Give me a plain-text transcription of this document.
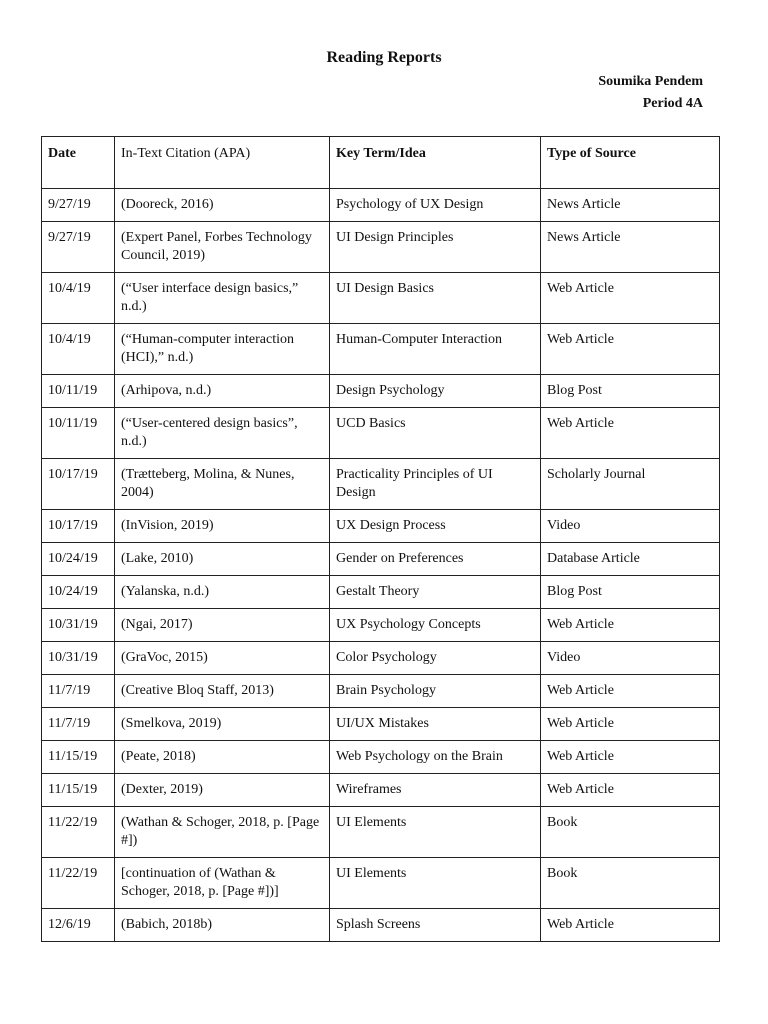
Reading Reports
Soumika Pendem
Period 4A
Date	In-Text Citation (APA)	Key Term/Idea	Type of Source
9/27/19	(Dooreck, 2016)	Psychology of UX Design	News Article
9/27/19	(Expert Panel, Forbes Technology Council, 2019)	UI Design Principles	News Article
10/4/19	(“User interface design basics,” n.d.)	UI Design Basics	Web Article
10/4/19	(“Human-computer interaction (HCI),” n.d.)	Human-Computer Interaction	Web Article
10/11/19	(Arhipova, n.d.)	Design Psychology	Blog Post
10/11/19	(“User-centered design basics”, n.d.)	UCD Basics	Web Article
10/17/19	(Trætteberg, Molina, & Nunes, 2004)	Practicality Principles of UI Design	Scholarly Journal
10/17/19	(InVision, 2019)	UX Design Process	Video
10/24/19	(Lake, 2010)	Gender on Preferences	Database Article
10/24/19	(Yalanska, n.d.)	Gestalt Theory	Blog Post
10/31/19	(Ngai, 2017)	UX Psychology Concepts	Web Article
10/31/19	(GraVoc, 2015)	Color Psychology	Video
11/7/19	(Creative Bloq Staff, 2013)	Brain Psychology	Web Article
11/7/19	(Smelkova, 2019)	UI/UX Mistakes	Web Article
11/15/19	(Peate, 2018)	Web Psychology on the Brain	Web Article
11/15/19	(Dexter, 2019)	Wireframes	Web Article
11/22/19	(Wathan & Schoger, 2018, p. [Page #])	UI Elements	Book
11/22/19	[continuation of (Wathan & Schoger, 2018, p. [Page #])]	UI Elements	Book
12/6/19	(Babich, 2018b)	Splash Screens	Web Article
